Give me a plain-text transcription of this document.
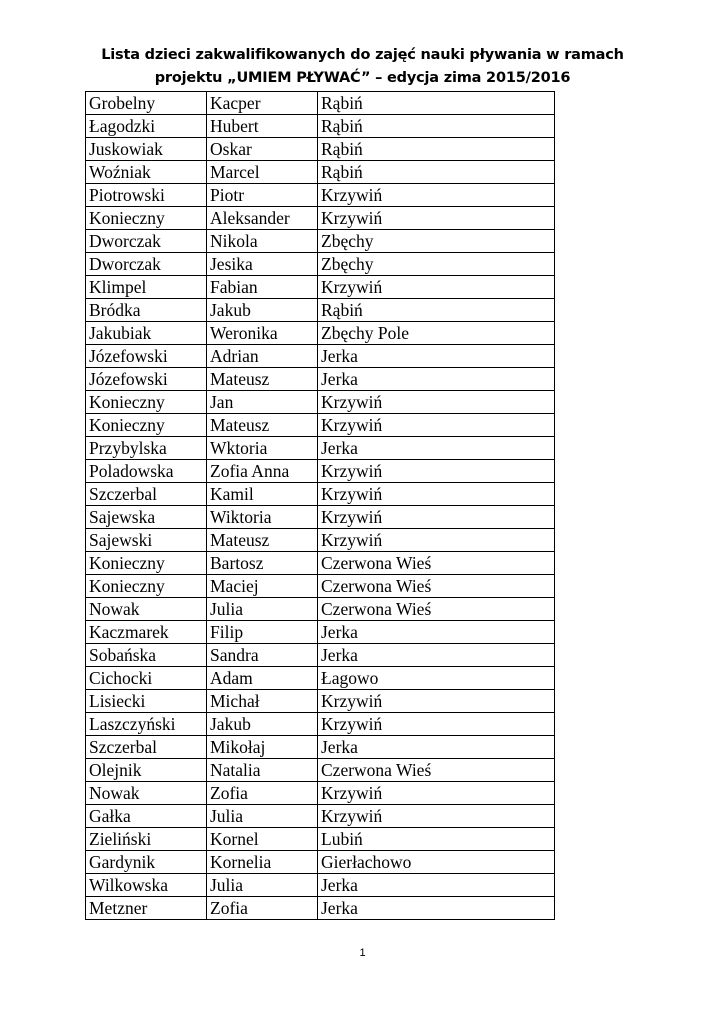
Lista dzieci zakwalifikowanych do zajęć nauki pływania w ramach
projektu „UMIEM PŁYWAĆ” – edycja zima 2015/2016
Grobelny	Kacper	Rąbiń
Łagodzki	Hubert	Rąbiń
Juskowiak	Oskar	Rąbiń
Woźniak	Marcel	Rąbiń
Piotrowski	Piotr	Krzywiń
Konieczny	Aleksander	Krzywiń
Dworczak	Nikola	Zbęchy
Dworczak	Jesika	Zbęchy
Klimpel	Fabian	Krzywiń
Bródka	Jakub	Rąbiń
Jakubiak	Weronika	Zbęchy Pole
Józefowski	Adrian	Jerka
Józefowski	Mateusz	Jerka
Konieczny	Jan	Krzywiń
Konieczny	Mateusz	Krzywiń
Przybylska	Wktoria	Jerka
Poladowska	Zofia Anna	Krzywiń
Szczerbal	Kamil	Krzywiń
Sajewska	Wiktoria	Krzywiń
Sajewski	Mateusz	Krzywiń
Konieczny	Bartosz	Czerwona Wieś
Konieczny	Maciej	Czerwona Wieś
Nowak	Julia	Czerwona Wieś
Kaczmarek	Filip	Jerka
Sobańska	Sandra	Jerka
Cichocki	Adam	Łagowo
Lisiecki	Michał	Krzywiń
Laszczyński	Jakub	Krzywiń
Szczerbal	Mikołaj	Jerka
Olejnik	Natalia	Czerwona Wieś
Nowak	Zofia	Krzywiń
Gałka	Julia	Krzywiń
Zieliński	Kornel	Lubiń
Gardynik	Kornelia	Gierłachowo
Wilkowska	Julia	Jerka
Metzner	Zofia	Jerka
1
